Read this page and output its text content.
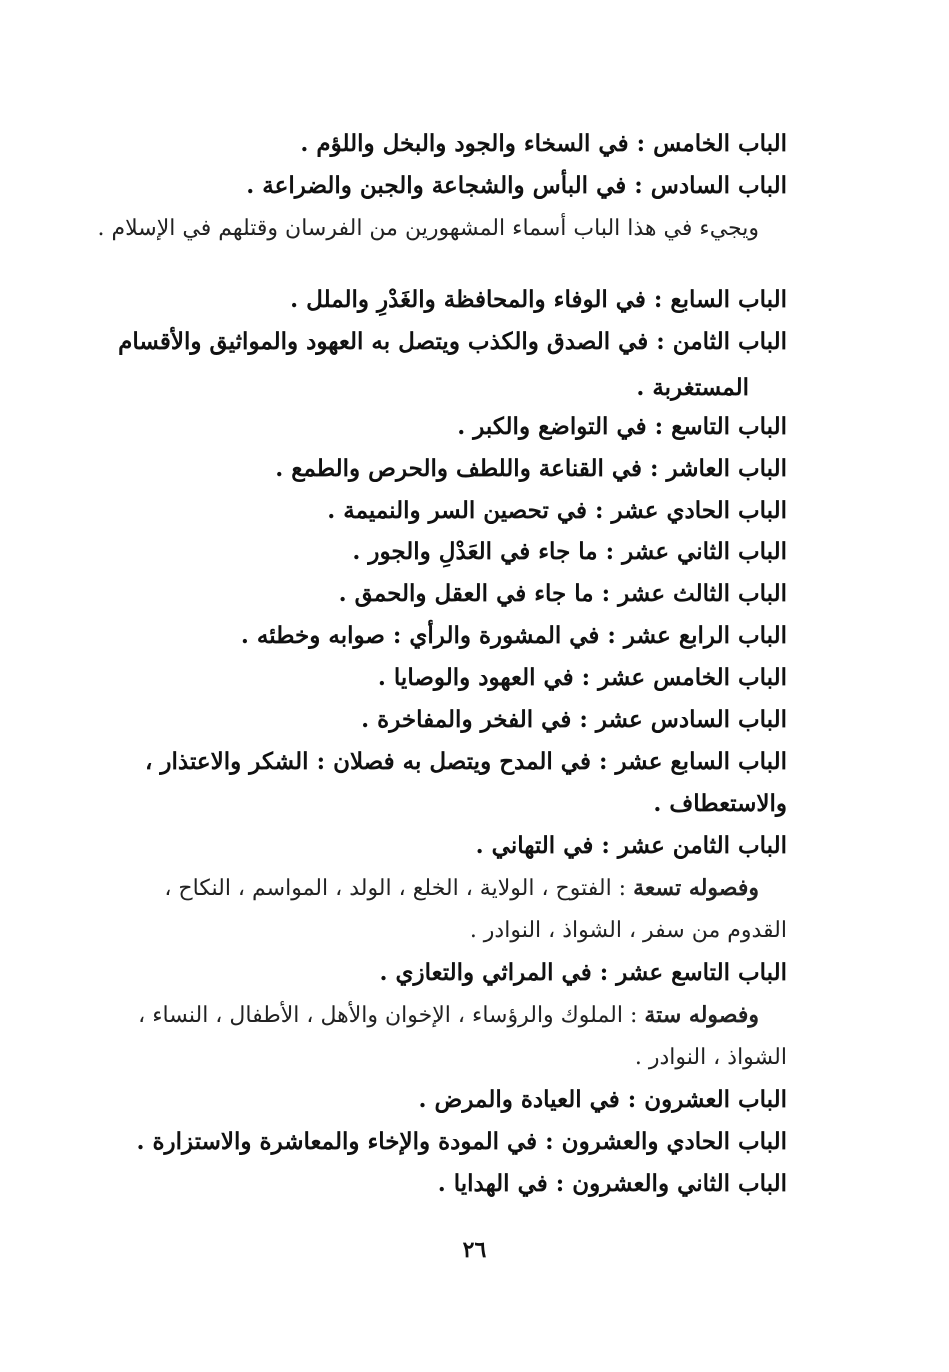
الباب الخامس : في السخاء والجود والبخل واللؤم .
الباب السادس : في البأس والشجاعة والجبن والضراعة .
ويجيء في هذا الباب أسماء المشهورين من الفرسان وقتلهم في الإسلام .
الباب السابع : في الوفاء والمحافظة والغَدْرِ والملل .
الباب الثامن : في الصدق والكذب ويتصل به العهود والمواثيق والأقسام
المستغربة .
الباب التاسع : في التواضع والكبر .
الباب العاشر : في القناعة واللطف والحرص والطمع .
الباب الحادي عشر : في تحصين السر والنميمة .
الباب الثاني عشر : ما جاء في العَدْلِ والجور .
الباب الثالث عشر : ما جاء في العقل والحمق .
الباب الرابع عشر : في المشورة والرأي : صوابه وخطئه .
الباب الخامس عشر : في العهود والوصايا .
الباب السادس عشر : في الفخر والمفاخرة .
الباب السابع عشر : في المدح ويتصل به فصلان : الشكر والاعتذار ،
والاستعطاف .
الباب الثامن عشر : في التهاني .
وفصوله تسعة : الفتوح ، الولاية ، الخلع ، الولد ، المواسم ، النكاح ،
القدوم من سفر ، الشواذ ، النوادر .
الباب التاسع عشر : في المراثي والتعازي .
وفصوله ستة : الملوك والرؤساء ، الإخوان والأهل ، الأطفال ، النساء ،
الشواذ ، النوادر .
الباب العشرون : في العيادة والمرض .
الباب الحادي والعشرون : في المودة والإخاء والمعاشرة والاستزارة .
الباب الثاني والعشرون : في الهدايا .
٢٦
